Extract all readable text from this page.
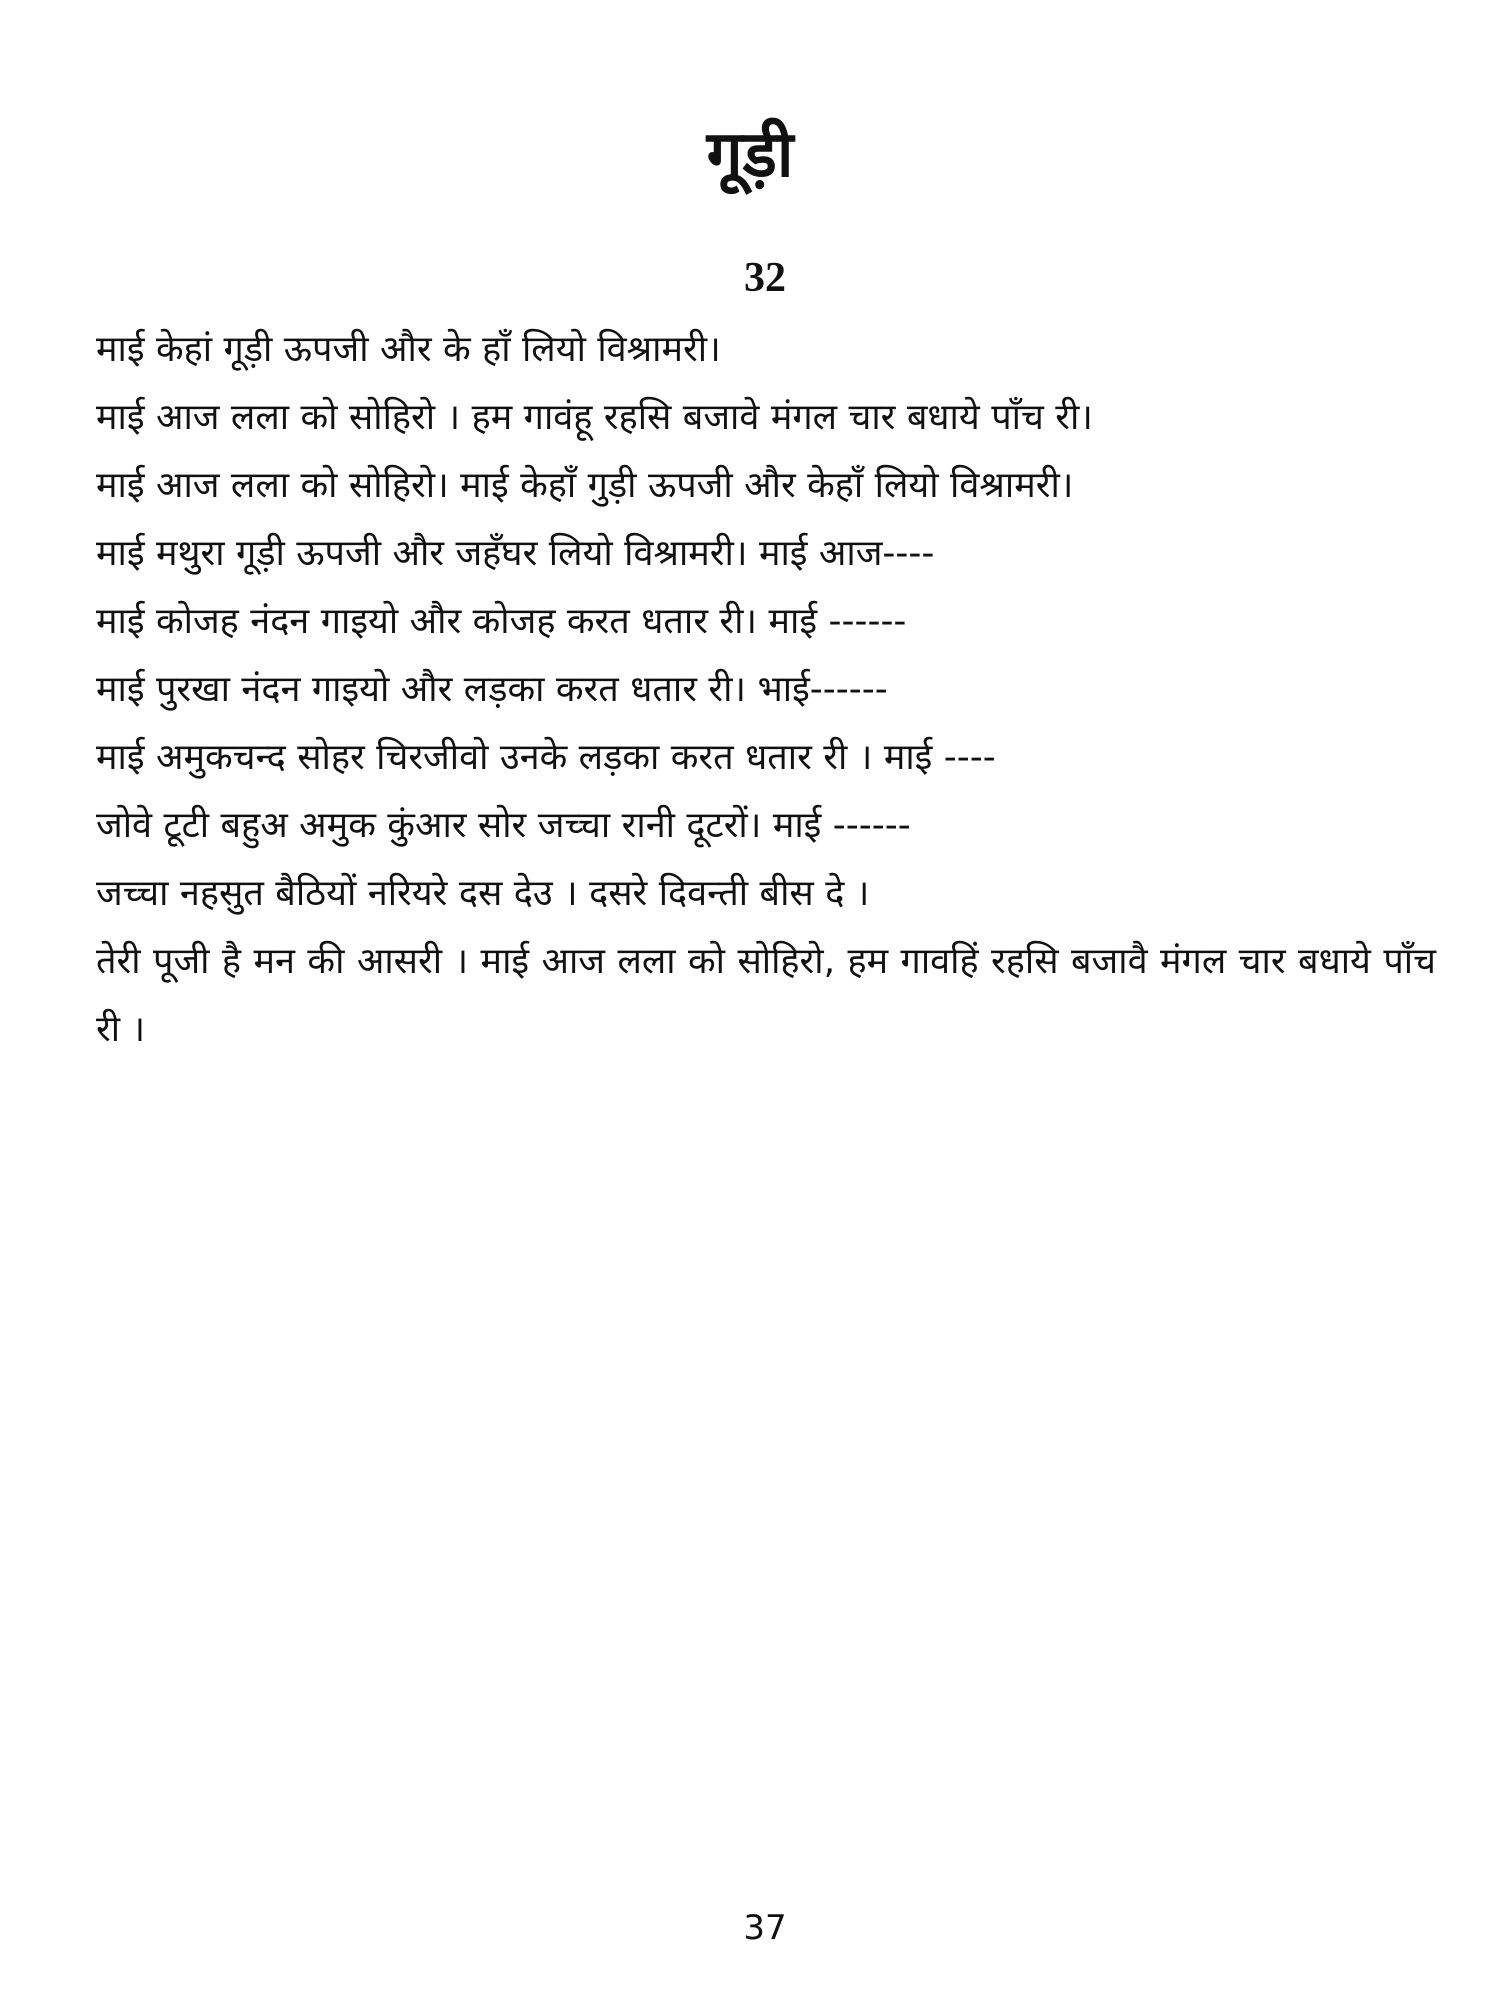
गूड़ी
32

माई केहां गूड़ी ऊपजी और के हाँ लियो विश्रामरी।

माई आज लला को सोहिरो । हम गावंहू रहसि बजावे मंगल चार बधाये पाँच री।

माई आज लला को सोहिरो। माई केहाँ गुड़ी ऊपजी और केहाँ लियो विश्रामरी।

माई मथुरा गूड़ी ऊपजी और जहँघर लियो विश्रामरी। माई आज----

माई कोजह नंदन गाइयो और कोजह करत धतार री। माई ------

माई पुरखा नंदन गाइयो और लड़का करत धतार री। भाई------

माई अमुकचन्द सोहर चिरजीवो उनके लड़का करत धतार री । माई ----

जोवे टूटी बहुअ अमुक कुंआर सोर जच्चा रानी दूटरों। माई ------

जच्चा नहसुत बैठियों नरियरे दस देउ । दसरे दिवन्ती बीस दे ।

तेरी पूजी है मन की आसरी । माई आज लला को सोहिरो, हम गावहिं रहसि बजावै मंगल चार बधाये पाँच री ।

37
